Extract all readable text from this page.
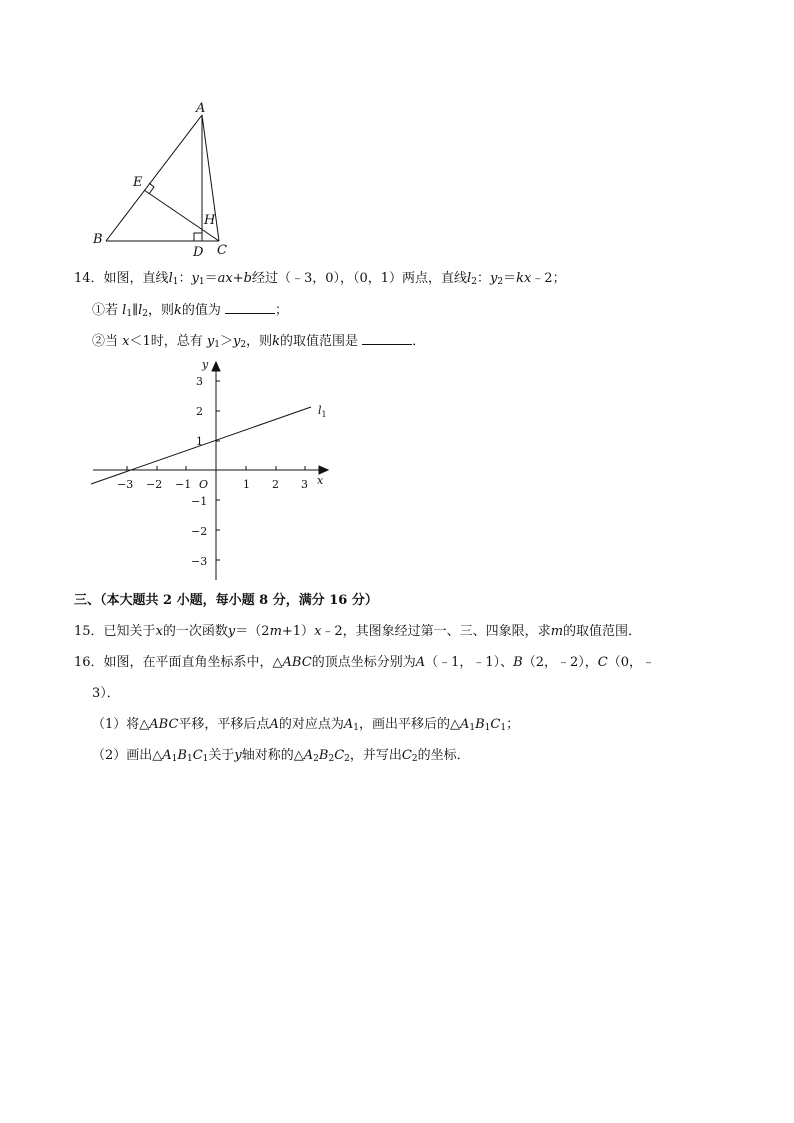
A
E
H
B
D C
14．如图，直线$l_1$：$y_1=ax+b$经过（﹣3，0），（0，1）两点，直线$l_2$：$y_2=kx﹣2$；
①若 $l_1\parallel l_2$，则k的值为	；
②当 x＜1时，总有 $y_1>y_2$，则k的取值范围是	．
−3 −2 −1	1 2 3
3
2
1
−1
−2
−3
O	x
y
$l_1$
三、（本大题共 2 小题，每小题 8 分，满分 16 分）
15．已知关于x的一次函数y＝（2m+1）x﹣2，其图象经过第一、三、四象限，求m的取值范围．
16．如图，在平面直角坐标系中，△ABC的顶点坐标分别为A（﹣1，﹣1）、B（2，﹣2），C（0，﹣
3）．
（1）将△ABC平移，平移后点A的对应点为$A_1$，画出平移后的$\triangle A_1B_1C_1$；
（2）画出$\triangle A_1B_1C_1$关于y轴对称的$\triangle A_2B_2C_2$，并写出$C_2$的坐标．
